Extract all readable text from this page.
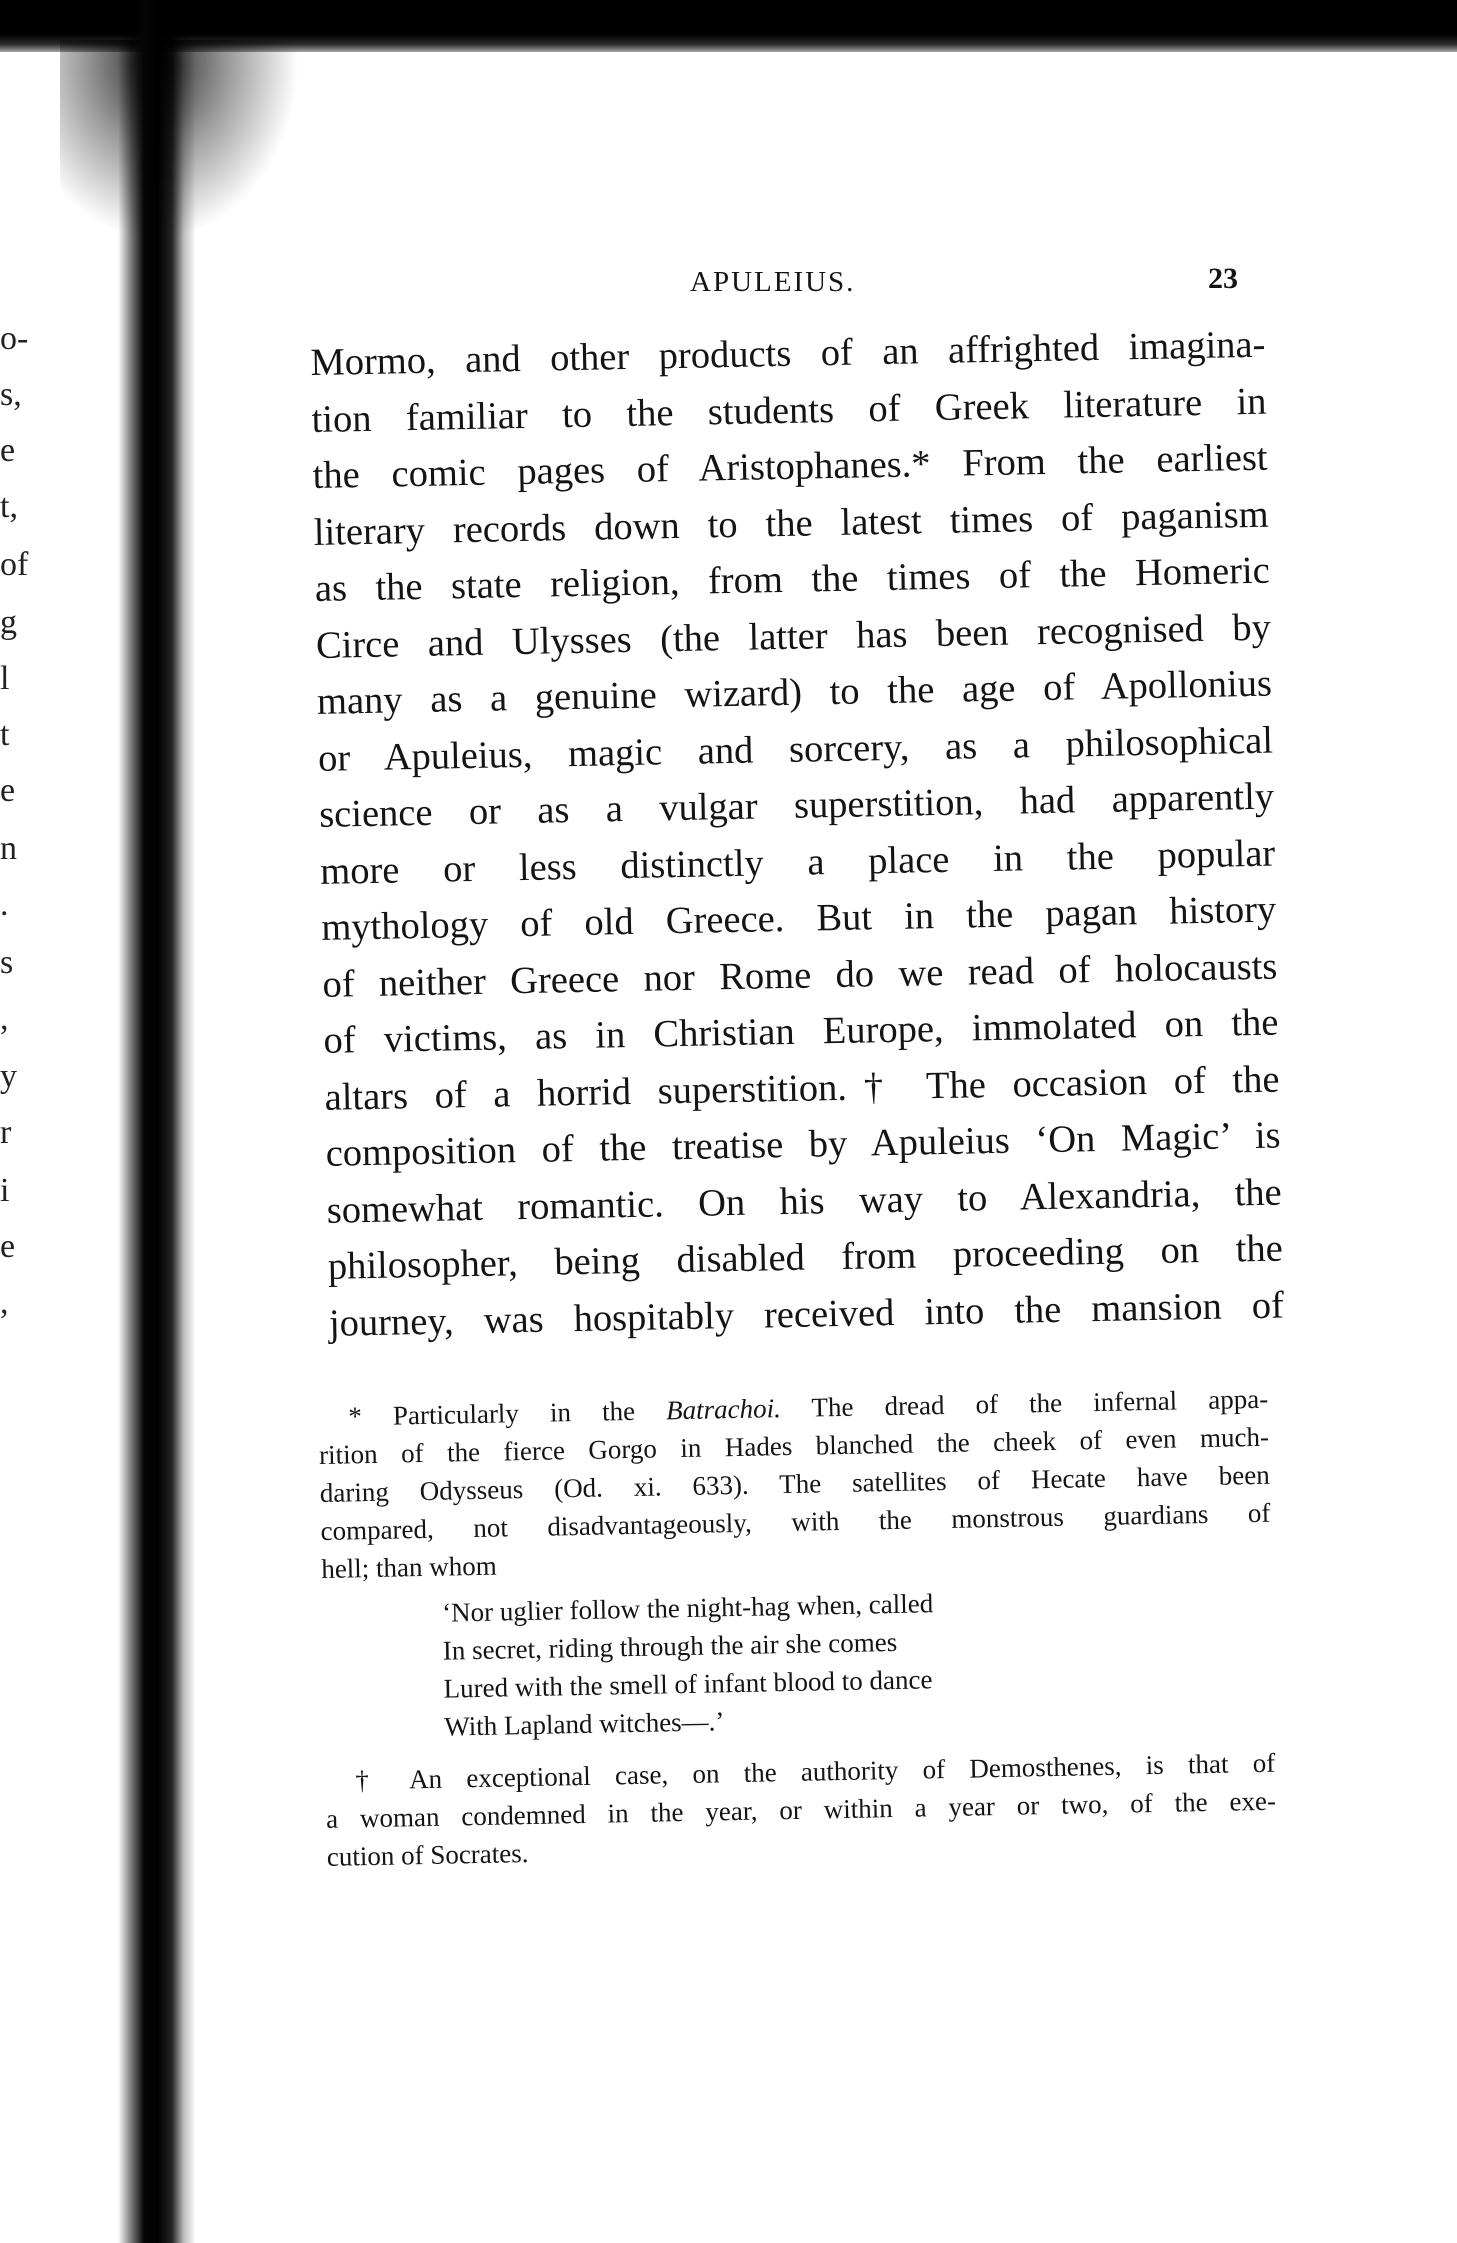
o-
s,
e
t,
of
g
l
t
e
n
.
s
,
y
r
i
e
,
APULEIUS.	23
Mormo, and other products of an affrighted imagina-
tion familiar to the students of Greek literature in
the comic pages of Aristophanes.* From the earliest
literary records down to the latest times of paganism
as the state religion, from the times of the Homeric
Circe and Ulysses (the latter has been recognised by
many as a genuine wizard) to the age of Apollonius
or Apuleius, magic and sorcery, as a philosophical
science or as a vulgar superstition, had apparently
more or less distinctly a place in the popular
mythology of old Greece. But in the pagan history
of neither Greece nor Rome do we read of holocausts
of victims, as in Christian Europe, immolated on the
altars of a horrid superstition.† The occasion of the
composition of the treatise by Apuleius ‘On Magic’ is
somewhat romantic. On his way to Alexandria, the
philosopher, being disabled from proceeding on the
journey, was hospitably received into the mansion of
* Particularly in the Batrachoi. The dread of the infernal appa-
rition of the fierce Gorgo in Hades blanched the cheek of even much-
daring Odysseus (Od. xi. 633). The satellites of Hecate have been
compared, not disadvantageously, with the monstrous guardians of
hell; than whom
‘Nor uglier follow the night-hag when, called
In secret, riding through the air she comes
Lured with the smell of infant blood to dance
With Lapland witches—.’
† An exceptional case, on the authority of Demosthenes, is that of
a woman condemned in the year, or within a year or two, of the exe-
cution of Socrates.
